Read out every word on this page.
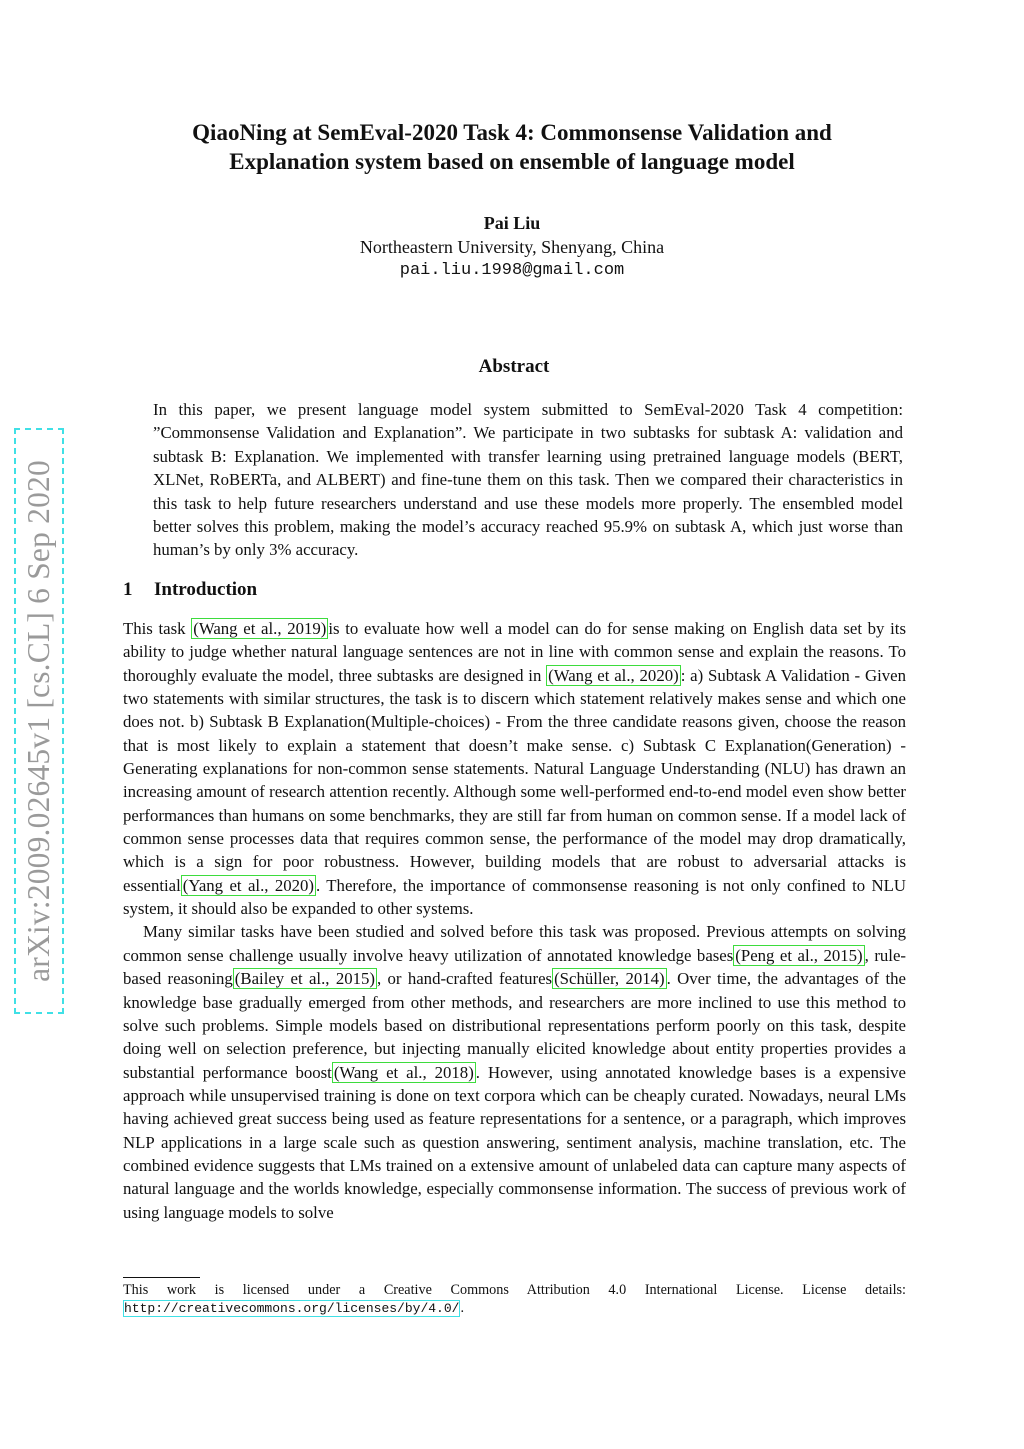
arXiv:2009.02645v1 [cs.CL] 6 Sep 2020
QiaoNing at SemEval-2020 Task 4: Commonsense Validation and
Explanation system based on ensemble of language model
Pai Liu
Northeastern University, Shenyang, China
pai.liu.1998@gmail.com
Abstract
In this paper, we present language model system submitted to SemEval-2020 Task 4 competition: ”Commonsense Validation and Explanation”. We participate in two subtasks for subtask A: validation and subtask B: Explanation. We implemented with transfer learning using pretrained language models (BERT, XLNet, RoBERTa, and ALBERT) and fine-tune them on this task. Then we compared their characteristics in this task to help future researchers understand and use these models more properly. The ensembled model better solves this problem, making the model’s accuracy reached 95.9% on subtask A, which just worse than human’s by only 3% accuracy.
1 Introduction

This task (Wang et al., 2019) is to evaluate how well a model can do for sense making on English data set by its ability to judge whether natural language sentences are not in line with common sense and explain the reasons. To thoroughly evaluate the model, three subtasks are designed in (Wang et al., 2020) : a) Subtask A Validation - Given two statements with similar structures, the task is to discern which statement relatively makes sense and which one does not. b) Subtask B Explanation(Multiple-choices) - From the three candidate reasons given, choose the reason that is most likely to explain a statement that doesn’t make sense. c) Subtask C Explanation(Generation) - Generating explanations for non-common sense statements. Natural Language Understanding (NLU) has drawn an increasing amount of research attention recently. Although some well-performed end-to-end model even show better performances than humans on some benchmarks, they are still far from human on common sense. If a model lack of common sense processes data that requires common sense, the performance of the model may drop dramatically, which is a sign for poor robustness. However, building models that are robust to adversarial attacks is essential (Yang et al., 2020) . Therefore, the importance of commonsense reasoning is not only confined to NLU system, it should also be expanded to other systems.

Many similar tasks have been studied and solved before this task was proposed. Previous attempts on solving common sense challenge usually involve heavy utilization of annotated knowledge bases (Peng et al., 2015) , rule-based reasoning (Bailey et al., 2015) , or hand-crafted features (Schüller, 2014) . Over time, the advantages of the knowledge base gradually emerged from other methods, and researchers are more inclined to use this method to solve such problems. Simple models based on distributional representations perform poorly on this task, despite doing well on selection preference, but injecting manually elicited knowledge about entity properties provides a substantial performance boost (Wang et al., 2018) . However, using annotated knowledge bases is a expensive approach while unsupervised training is done on text corpora which can be cheaply curated. Nowadays, neural LMs having achieved great success being used as feature representations for a sentence, or a paragraph, which improves NLP applications in a large scale such as question answering, sentiment analysis, machine translation, etc. The combined evidence suggests that LMs trained on a extensive amount of unlabeled data can capture many aspects of natural language and the worlds knowledge, especially commonsense information. The success of previous work of using language models to solve

This work is licensed under a Creative Commons Attribution 4.0 International License. License details: http://creativecommons.org/licenses/by/4.0/.
